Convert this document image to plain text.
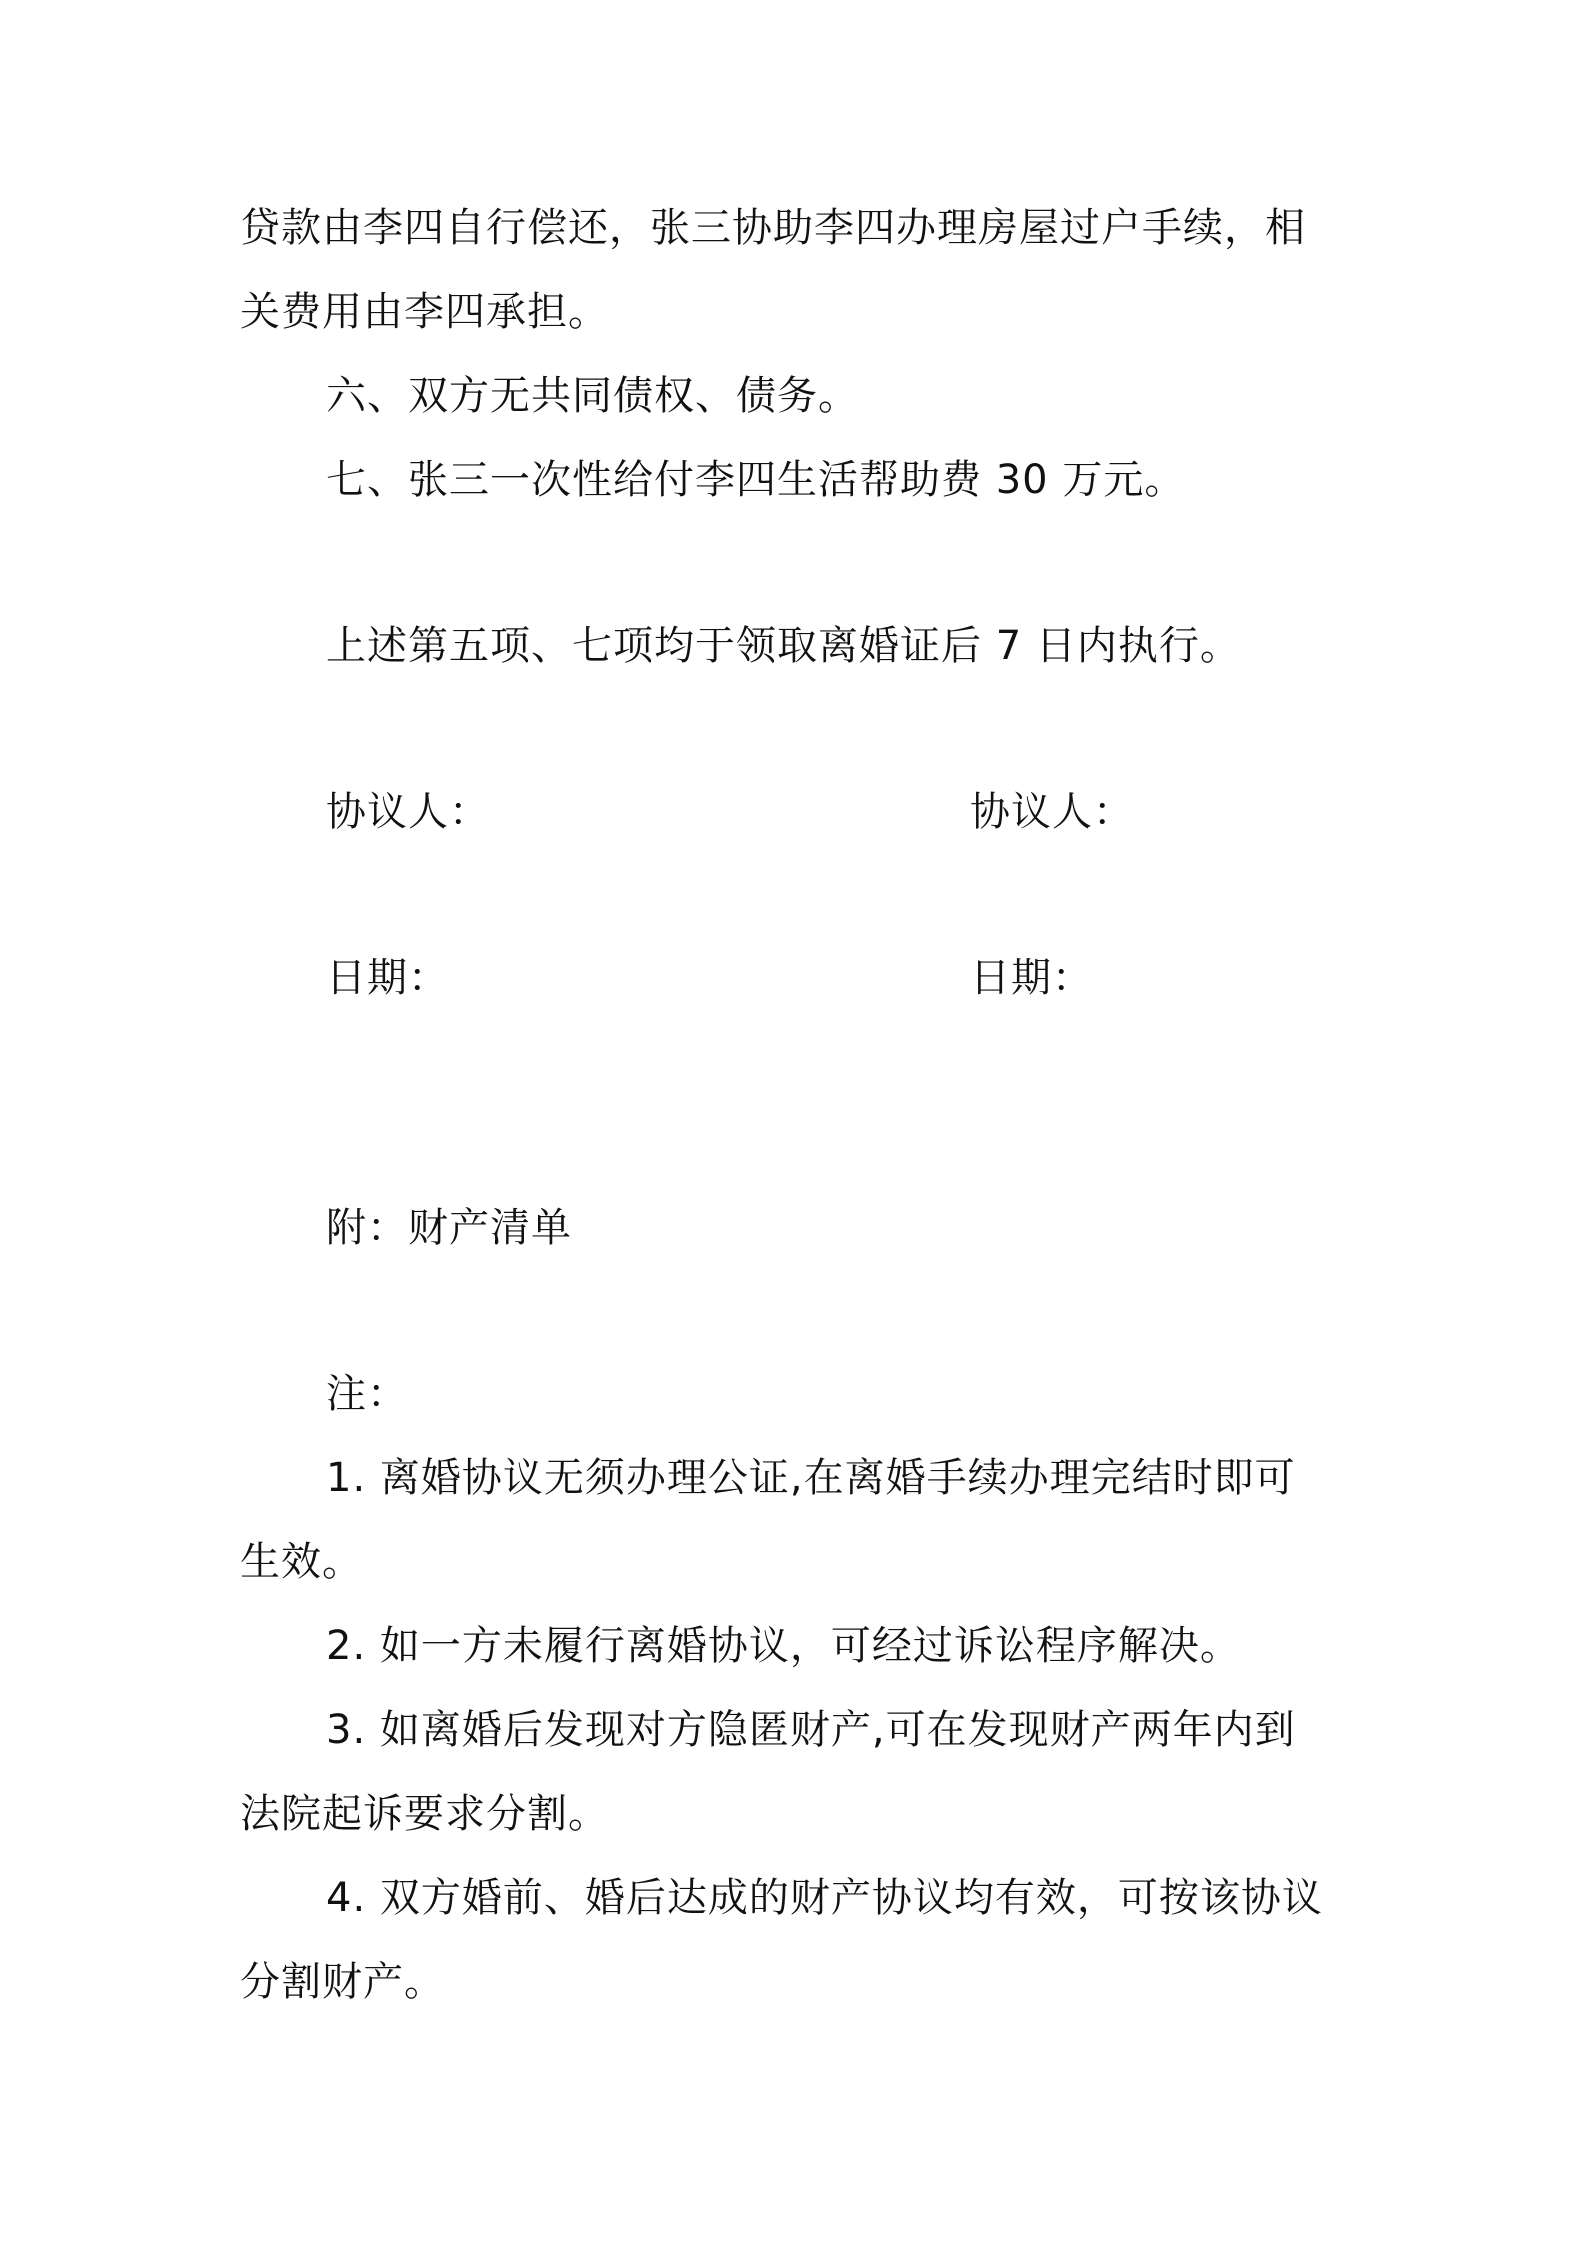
贷款由李四自行偿还，张三协助李四办理房屋过户手续，相
关费用由李四承担。
六、双方无共同债权、债务。
七、张三一次性给付李四生活帮助费 30 万元。
上述第五项、七项均于领取离婚证后 7 日内执行。
协议人：	协议人：
日期：	日期：
附：财产清单
注：
1. 离婚协议无须办理公证,在离婚手续办理完结时即可
生效。
2. 如一方未履行离婚协议，可经过诉讼程序解决。
3. 如离婚后发现对方隐匿财产,可在发现财产两年内到
法院起诉要求分割。
4. 双方婚前、婚后达成的财产协议均有效，可按该协议
分割财产。
